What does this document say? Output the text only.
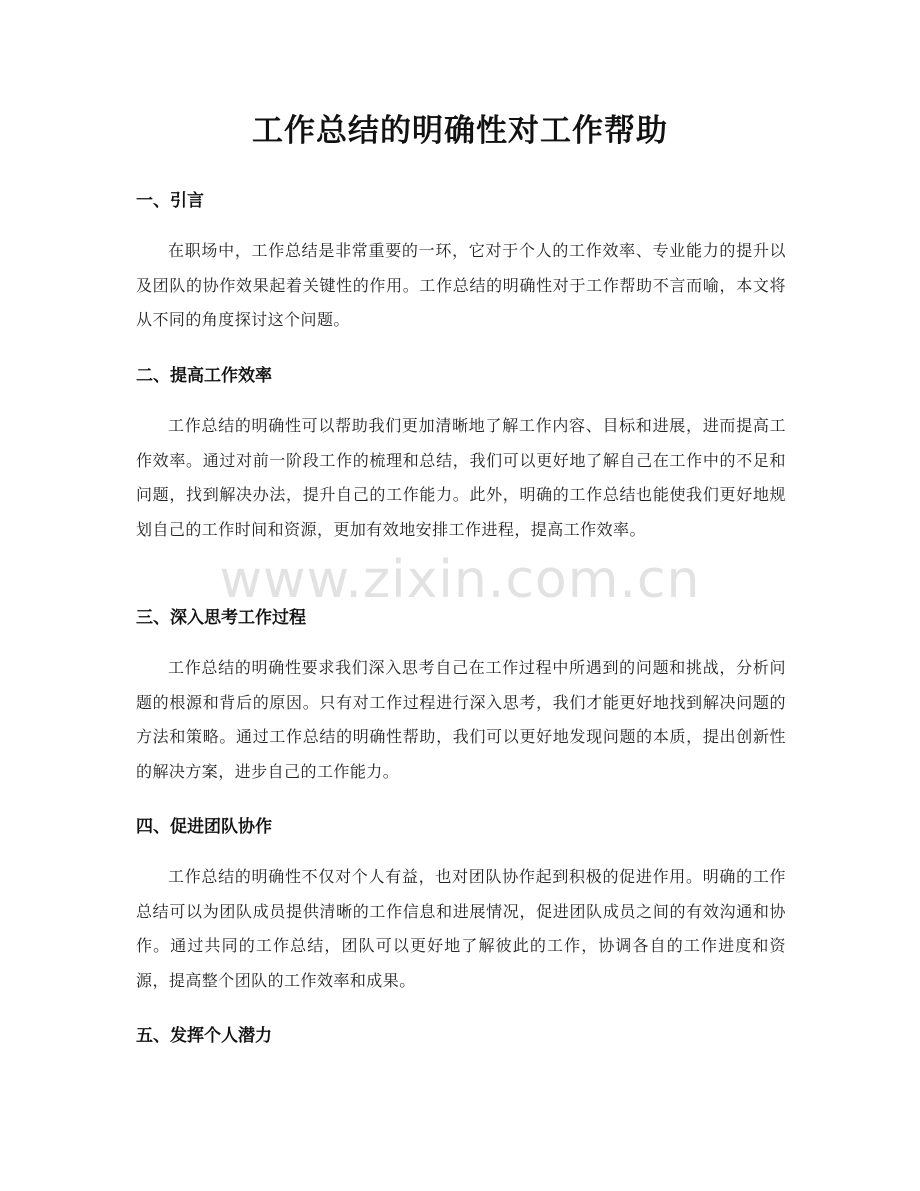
工作总结的明确性对工作帮助
一、引言

在职场中，工作总结是非常重要的一环，它对于个人的工作效率、专业能力的提升以及团队的协作效果起着关键性的作用。工作总结的明确性对于工作帮助不言而喻，本文将从不同的角度探讨这个问题。

二、提高工作效率

工作总结的明确性可以帮助我们更加清晰地了解工作内容、目标和进展，进而提高工作效率。通过对前一阶段工作的梳理和总结，我们可以更好地了解自己在工作中的不足和问题，找到解决办法，提升自己的工作能力。此外，明确的工作总结也能使我们更好地规划自己的工作时间和资源，更加有效地安排工作进程，提高工作效率。

三、深入思考工作过程

工作总结的明确性要求我们深入思考自己在工作过程中所遇到的问题和挑战，分析问题的根源和背后的原因。只有对工作过程进行深入思考，我们才能更好地找到解决问题的方法和策略。通过工作总结的明确性帮助，我们可以更好地发现问题的本质，提出创新性的解决方案，进步自己的工作能力。

四、促进团队协作

工作总结的明确性不仅对个人有益，也对团队协作起到积极的促进作用。明确的工作总结可以为团队成员提供清晰的工作信息和进展情况，促进团队成员之间的有效沟通和协作。通过共同的工作总结，团队可以更好地了解彼此的工作，协调各自的工作进度和资源，提高整个团队的工作效率和成果。

五、发挥个人潜力
www.zixin.com.cn
